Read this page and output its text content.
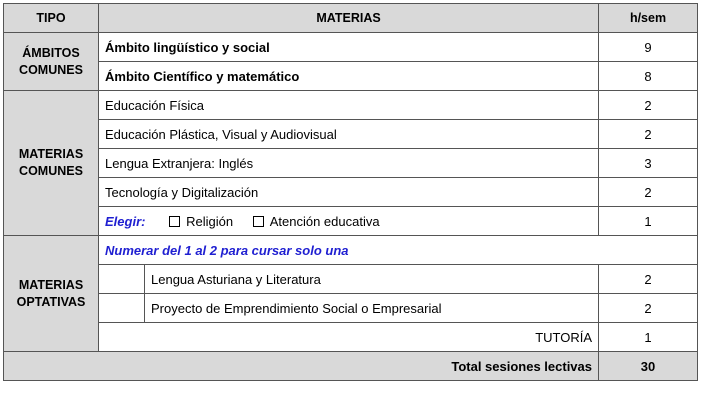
TIPO	MATERIAS		h/sem
ÁMBITOS
COMUNES	Ámbito lingüístico y social		9
	Ámbito Científico y matemático		8
MATERIAS
COMUNES	Educación Física		2
	Educación Plástica, Visual y Audiovisual		2
	Lengua Extranjera: Inglés		3
	Tecnología y Digitalización		2
	Elegir: Religión Atención educativa		1
MATERIAS
OPTATIVAS	Numerar del 1 al 2 para cursar solo una		
		Lengua Asturiana y Literatura	2
		Proyecto de Emprendimiento Social o Empresarial	2
	TUTORÍA		1
Total sesiones lectivas			30
